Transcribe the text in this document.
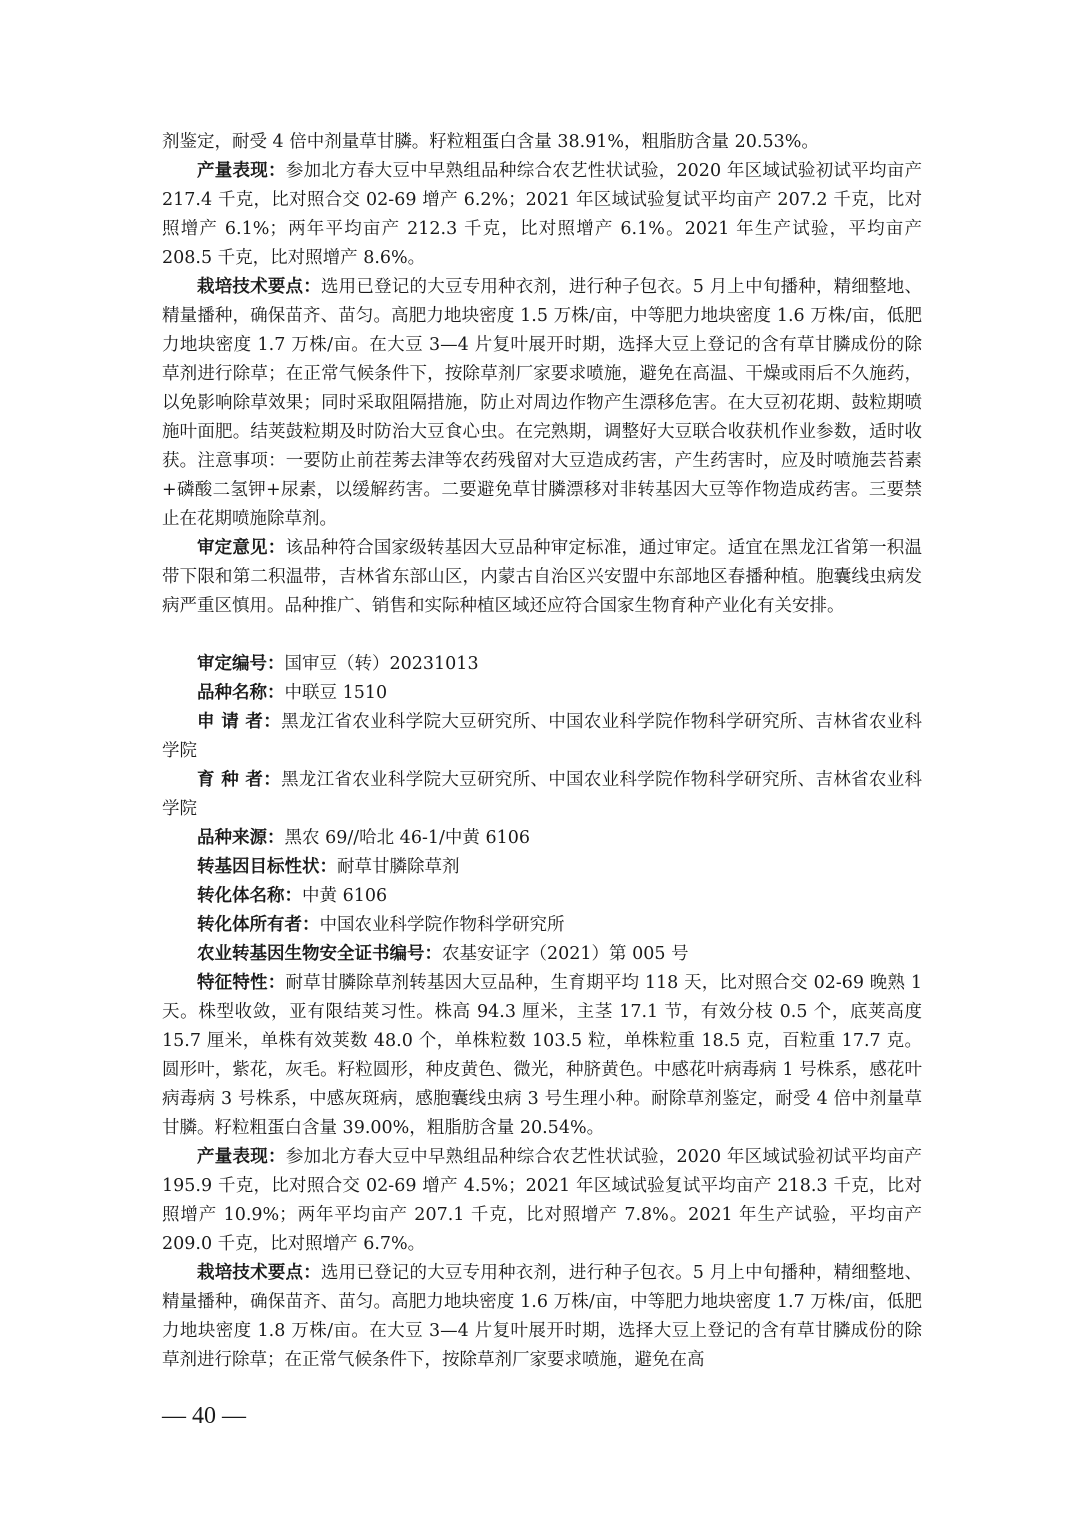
剂鉴定，耐受 4 倍中剂量草甘膦。籽粒粗蛋白含量 38.91%，粗脂肪含量 20.53%。

产量表现：参加北方春大豆中早熟组品种综合农艺性状试验，2020 年区域试验初试平均亩产 217.4 千克，比对照合交 02-69 增产 6.2%；2021 年区域试验复试平均亩产 207.2 千克，比对照增产 6.1%；两年平均亩产 212.3 千克，比对照增产 6.1%。2021 年生产试验，平均亩产 208.5 千克，比对照增产 8.6%。

栽培技术要点：选用已登记的大豆专用种衣剂，进行种子包衣。5 月上中旬播种，精细整地、精量播种，确保苗齐、苗匀。高肥力地块密度 1.5 万株/亩，中等肥力地块密度 1.6 万株/亩，低肥力地块密度 1.7 万株/亩。在大豆 3—4 片复叶展开时期，选择大豆上登记的含有草甘膦成份的除草剂进行除草；在正常气候条件下，按除草剂厂家要求喷施，避免在高温、干燥或雨后不久施药，以免影响除草效果；同时采取阻隔措施，防止对周边作物产生漂移危害。在大豆初花期、鼓粒期喷施叶面肥。结荚鼓粒期及时防治大豆食心虫。在完熟期，调整好大豆联合收获机作业参数，适时收获。注意事项：一要防止前茬莠去津等农药残留对大豆造成药害，产生药害时，应及时喷施芸苔素+磷酸二氢钾+尿素，以缓解药害。二要避免草甘膦漂移对非转基因大豆等作物造成药害。三要禁止在花期喷施除草剂。

审定意见：该品种符合国家级转基因大豆品种审定标准，通过审定。适宜在黑龙江省第一积温带下限和第二积温带，吉林省东部山区，内蒙古自治区兴安盟中东部地区春播种植。胞囊线虫病发病严重区慎用。品种推广、销售和实际种植区域还应符合国家生物育种产业化有关安排。

审定编号：国审豆（转）20231013

品种名称：中联豆 1510

申 请 者：黑龙江省农业科学院大豆研究所、中国农业科学院作物科学研究所、吉林省农业科学院

育 种 者：黑龙江省农业科学院大豆研究所、中国农业科学院作物科学研究所、吉林省农业科学院

品种来源：黑农 69//哈北 46-1/中黄 6106

转基因目标性状：耐草甘膦除草剂

转化体名称：中黄 6106

转化体所有者：中国农业科学院作物科学研究所

农业转基因生物安全证书编号：农基安证字（2021）第 005 号

特征特性：耐草甘膦除草剂转基因大豆品种，生育期平均 118 天，比对照合交 02-69 晚熟 1 天。株型收敛，亚有限结荚习性。株高 94.3 厘米，主茎 17.1 节，有效分枝 0.5 个，底荚高度 15.7 厘米，单株有效荚数 48.0 个，单株粒数 103.5 粒，单株粒重 18.5 克，百粒重 17.7 克。圆形叶，紫花，灰毛。籽粒圆形，种皮黄色、微光，种脐黄色。中感花叶病毒病 1 号株系，感花叶病毒病 3 号株系，中感灰斑病，感胞囊线虫病 3 号生理小种。耐除草剂鉴定，耐受 4 倍中剂量草甘膦。籽粒粗蛋白含量 39.00%，粗脂肪含量 20.54%。

产量表现：参加北方春大豆中早熟组品种综合农艺性状试验，2020 年区域试验初试平均亩产 195.9 千克，比对照合交 02-69 增产 4.5%；2021 年区域试验复试平均亩产 218.3 千克，比对照增产 10.9%；两年平均亩产 207.1 千克，比对照增产 7.8%。2021 年生产试验，平均亩产 209.0 千克，比对照增产 6.7%。

栽培技术要点：选用已登记的大豆专用种衣剂，进行种子包衣。5 月上中旬播种，精细整地、精量播种，确保苗齐、苗匀。高肥力地块密度 1.6 万株/亩，中等肥力地块密度 1.7 万株/亩，低肥力地块密度 1.8 万株/亩。在大豆 3—4 片复叶展开时期，选择大豆上登记的含有草甘膦成份的除草剂进行除草；在正常气候条件下，按除草剂厂家要求喷施，避免在高

— 40 —
